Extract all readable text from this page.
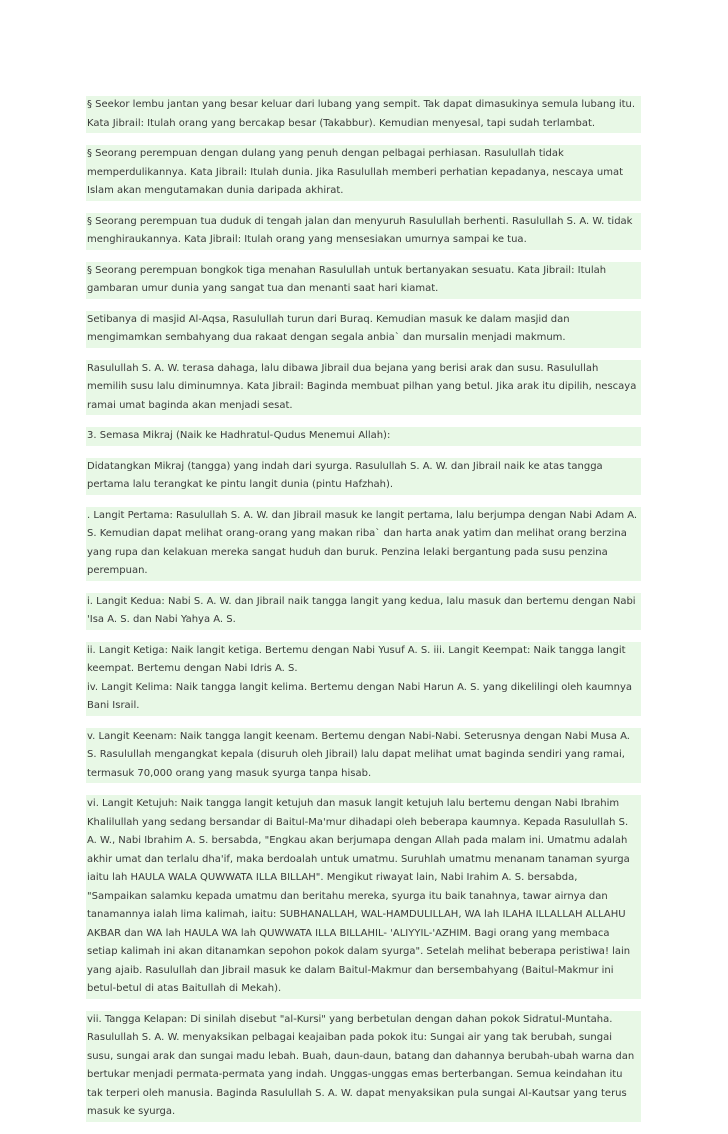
§ Seekor lembu jantan yang besar keluar dari lubang yang sempit. Tak dapat dimasukinya semula lubang itu. Kata Jibrail: Itulah orang yang bercakap besar (Takabbur). Kemudian menyesal, tapi sudah terlambat.

§ Seorang perempuan dengan dulang yang penuh dengan pelbagai perhiasan. Rasulullah tidak memperdulikannya. Kata Jibrail: Itulah dunia. Jika Rasulullah memberi perhatian kepadanya, nescaya umat Islam akan mengutamakan dunia daripada akhirat.

§ Seorang perempuan tua duduk di tengah jalan dan menyuruh Rasulullah berhenti. Rasulullah S. A. W. tidak menghiraukannya. Kata Jibrail: Itulah orang yang mensesiakan umurnya sampai ke tua.

§ Seorang perempuan bongkok tiga menahan Rasulullah untuk bertanyakan sesuatu. Kata Jibrail: Itulah gambaran umur dunia yang sangat tua dan menanti saat hari kiamat.

Setibanya di masjid Al-Aqsa, Rasulullah turun dari Buraq. Kemudian masuk ke dalam masjid dan mengimamkan sembahyang dua rakaat dengan segala anbia` dan mursalin menjadi makmum.

Rasulullah S. A. W. terasa dahaga, lalu dibawa Jibrail dua bejana yang berisi arak dan susu. Rasulullah memilih susu lalu diminumnya. Kata Jibrail: Baginda membuat pilhan yang betul. Jika arak itu dipilih, nescaya ramai umat baginda akan menjadi sesat.

3. Semasa Mikraj (Naik ke Hadhratul-Qudus Menemui Allah):

Didatangkan Mikraj (tangga) yang indah dari syurga. Rasulullah S. A. W. dan Jibrail naik ke atas tangga pertama lalu terangkat ke pintu langit dunia (pintu Hafzhah).

. Langit Pertama: Rasulullah S. A. W. dan Jibrail masuk ke langit pertama, lalu berjumpa dengan Nabi Adam A. S. Kemudian dapat melihat orang-orang yang makan riba` dan harta anak yatim dan melihat orang berzina yang rupa dan kelakuan mereka sangat huduh dan buruk. Penzina lelaki bergantung pada susu penzina perempuan.

i. Langit Kedua: Nabi S. A. W. dan Jibrail naik tangga langit yang kedua, lalu masuk dan bertemu dengan Nabi 'Isa A. S. dan Nabi Yahya A. S.

ii. Langit Ketiga: Naik langit ketiga. Bertemu dengan Nabi Yusuf A. S. iii. Langit Keempat: Naik tangga langit keempat. Bertemu dengan Nabi Idris A. S.
iv. Langit Kelima: Naik tangga langit kelima. Bertemu dengan Nabi Harun A. S. yang dikelilingi oleh kaumnya Bani Israil.

v. Langit Keenam: Naik tangga langit keenam. Bertemu dengan Nabi-Nabi. Seterusnya dengan Nabi Musa A. S. Rasulullah mengangkat kepala (disuruh oleh Jibrail) lalu dapat melihat umat baginda sendiri yang ramai, termasuk 70,000 orang yang masuk syurga tanpa hisab.

vi. Langit Ketujuh: Naik tangga langit ketujuh dan masuk langit ketujuh lalu bertemu dengan Nabi Ibrahim Khalilullah yang sedang bersandar di Baitul-Ma'mur dihadapi oleh beberapa kaumnya. Kepada Rasulullah S. A. W., Nabi Ibrahim A. S. bersabda, "Engkau akan berjumapa dengan Allah pada malam ini. Umatmu adalah akhir umat dan terlalu dha'if, maka berdoalah untuk umatmu. Suruhlah umatmu menanam tanaman syurga iaitu lah HAULA WALA QUWWATA ILLA BILLAH". Mengikut riwayat lain, Nabi Irahim A. S. bersabda, "Sampaikan salamku kepada umatmu dan beritahu mereka, syurga itu baik tanahnya, tawar airnya dan tanamannya ialah lima kalimah, iaitu: SUBHANALLAH, WAL-HAMDULILLAH, WA lah ILAHA ILLALLAH ALLAHU AKBAR dan WA lah HAULA WA lah QUWWATA ILLA BILLAHIL- 'ALIYYIL-'AZHIM. Bagi orang yang membaca setiap kalimah ini akan ditanamkan sepohon pokok dalam syurga". Setelah melihat beberapa peristiwa! lain yang ajaib. Rasulullah dan Jibrail masuk ke dalam Baitul-Makmur dan bersembahyang (Baitul-Makmur ini betul-betul di atas Baitullah di Mekah).

vii. Tangga Kelapan: Di sinilah disebut "al-Kursi" yang berbetulan dengan dahan pokok Sidratul-Muntaha. Rasulullah S. A. W. menyaksikan pelbagai keajaiban pada pokok itu: Sungai air yang tak berubah, sungai susu, sungai arak dan sungai madu lebah. Buah, daun-daun, batang dan dahannya berubah-ubah warna dan bertukar menjadi permata-permata yang indah. Unggas-unggas emas berterbangan. Semua keindahan itu tak terperi oleh manusia. Baginda Rasulullah S. A. W. dapat menyaksikan pula sungai Al-Kautsar yang terus masuk ke syurga.
